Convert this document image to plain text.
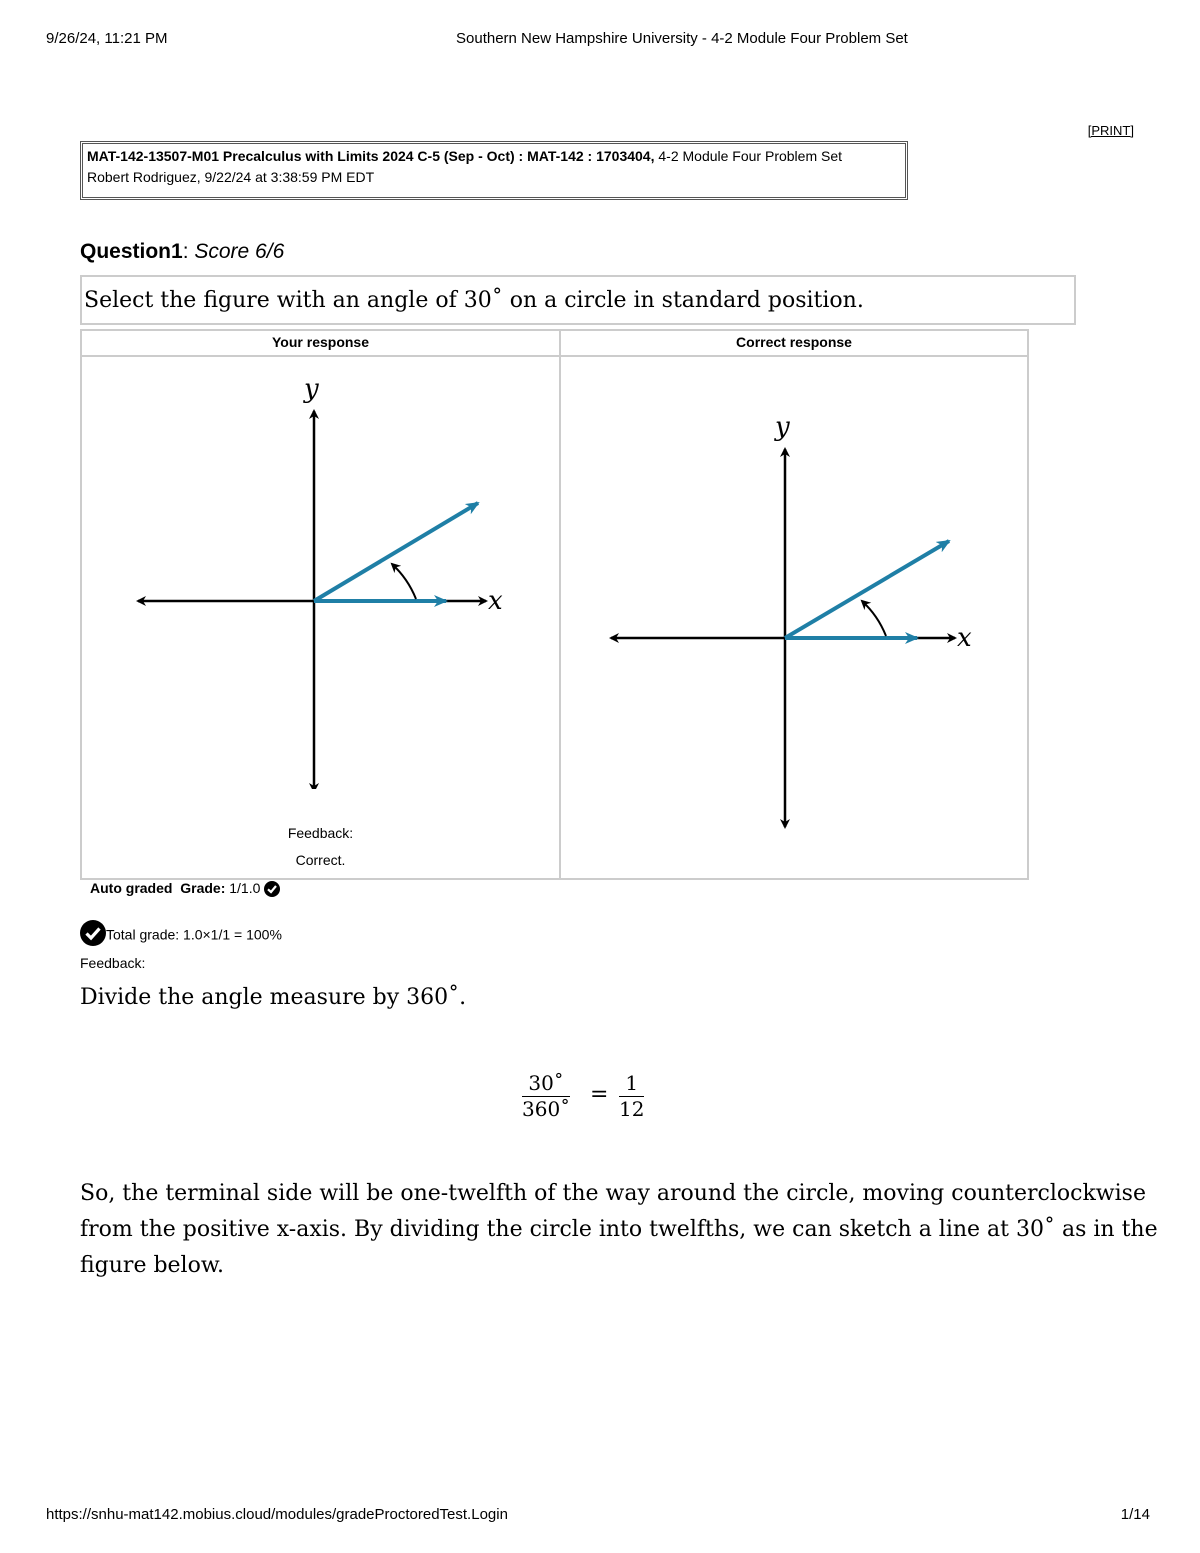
9/26/24, 11:21 PM	Southern New Hampshire University - 4-2 Module Four Problem Set
[PRINT]
MAT-142-13507-M01 Precalculus with Limits 2024 C-5 (Sep - Oct) : MAT-142 : 1703404, 4-2 Module Four Problem Set
Robert Rodriguez, 9/22/24 at 3:38:59 PM EDT
Question1: Score 6/6
Select the figure with an angle of 30˚ on a circle in standard position.
Your response
x
y
Feedback:
Correct.
Correct response
x
y
Auto graded Grade: 1/1.0
Total grade: 1.0×1/1 = 100%
Feedback:
Divide the angle measure by 360˚.
$\frac{30˚}{360˚} = \frac{1}{12}$
So, the terminal side will be one-twelfth of the way around the circle, moving counterclockwise
from the positive x-axis. By dividing the circle into twelfths, we can sketch a line at 30˚ as in the
figure below.
https://snhu-mat142.mobius.cloud/modules/gradeProctoredTest.Login	1/14
